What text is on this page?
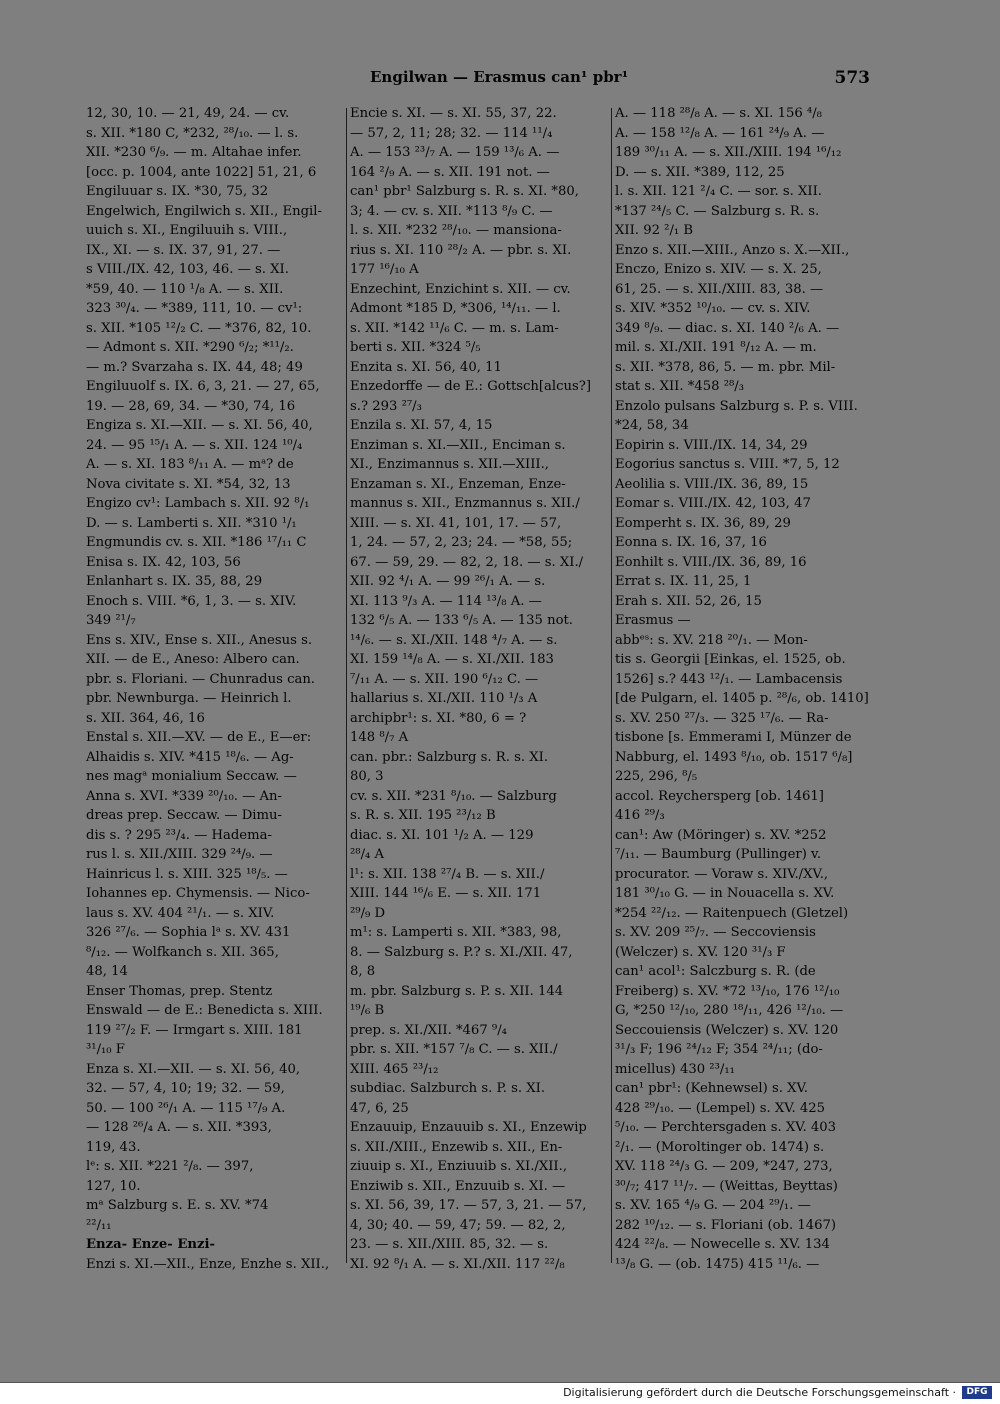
Engilwan — Erasmus can¹ pbr¹	573
12, 30, 10. — 21, 49, 24. — cv.
s. XII. *180 C, *232, ²⁸/₁₀. — l. s.
XII. *230 ⁶/₉. — m. Altahae infer.
[occ. p. 1004, ante 1022] 51, 21, 6
Engiluuar s. IX. *30, 75, 32
Engelwich, Engilwich s. XII., Engil-
uuich s. XI., Engiluuih s. VIII.,
IX., XI. — s. IX. 37, 91, 27. —
s VIII./IX. 42, 103, 46. — s. XI.
*59, 40. — 110 ¹/₈ A. — s. XII.
323 ³⁰/₄. — *389, 111, 10. — cv¹:
s. XII. *105 ¹²/₂ C. — *376, 82, 10.
— Admont s. XII. *290 ⁶/₂; *¹¹/₂.
— m.? Svarzaha s. IX. 44, 48; 49
Engiluuolf s. IX. 6, 3, 21. — 27, 65,
19. — 28, 69, 34. — *30, 74, 16
Engiza s. XI.—XII. — s. XI. 56, 40,
24. — 95 ¹⁵/₁ A. — s. XII. 124 ¹⁰/₄
A. — s. XI. 183 ⁸/₁₁ A. — mᵃ? de
Nova civitate s. XI. *54, 32, 13
Engizo cv¹: Lambach s. XII. 92 ⁸/₁
D. — s. Lamberti s. XII. *310 ¹/₁
Engmundis cv. s. XII. *186 ¹⁷/₁₁ C
Enisa s. IX. 42, 103, 56
Enlanhart s. IX. 35, 88, 29
Enoch s. VIII. *6, 1, 3. — s. XIV.
349 ²¹/₇
Ens s. XIV., Ense s. XII., Anesus s.
XII. — de E., Aneso: Albero can.
pbr. s. Floriani. — Chunradus can.
pbr. Newnburga. — Heinrich l.
s. XII. 364, 46, 16
Enstal s. XII.—XV. — de E., E—er:
Alhaidis s. XIV. *415 ¹⁸/₆. — Ag-
nes magᵃ monialium Seccaw. —
Anna s. XVI. *339 ²⁰/₁₀. — An-
dreas prep. Seccaw. — Dimu-
dis s. ? 295 ²³/₄. — Hadema-
rus l. s. XII./XIII. 329 ²⁴/₉. —
Hainricus l. s. XIII. 325 ¹⁸/₅. —
Iohannes ep. Chymensis. — Nico-
laus s. XV. 404 ²¹/₁. — s. XIV.
326 ²⁷/₆. — Sophia lᵃ s. XV. 431
⁸/₁₂. — Wolfkanch s. XII. 365,
48, 14
Enser Thomas, prep. Stentz
Enswald — de E.: Benedicta s. XIII.
119 ²⁷/₂ F. — Irmgart s. XIII. 181
³¹/₁₀ F
Enza s. XI.—XII. — s. XI. 56, 40,
32. — 57, 4, 10; 19; 32. — 59,
50. — 100 ²⁶/₁ A. — 115 ¹⁷/₉ A.
— 128 ²⁶/₄ A. — s. XII. *393,
119, 43.
lᵉ: s. XII. *221 ²/₈. — 397,
127, 10.
mᵃ Salzburg s. E. s. XV. *74
²²/₁₁
Enza- Enze- Enzi-
Enzi s. XI.—XII., Enze, Enzhe s. XII.,
Encie s. XI. — s. XI. 55, 37, 22.
— 57, 2, 11; 28; 32. — 114 ¹¹/₄
A. — 153 ²³/₇ A. — 159 ¹³/₆ A. —
164 ²/₉ A. — s. XII. 191 not. —
can¹ pbr¹ Salzburg s. R. s. XI. *80,
3; 4. — cv. s. XII. *113 ⁸/₉ C. —
l. s. XII. *232 ²⁸/₁₀. — mansiona-
rius s. XI. 110 ²⁸/₂ A. — pbr. s. XI.
177 ¹⁶/₁₀ A
Enzechint, Enzichint s. XII. — cv.
Admont *185 D, *306, ¹⁴/₁₁. — l.
s. XII. *142 ¹¹/₆ C. — m. s. Lam-
berti s. XII. *324 ⁵/₅
Enzita s. XI. 56, 40, 11
Enzedorffe — de E.: Gottsch[alcus?]
s.? 293 ²⁷/₃
Enzila s. XI. 57, 4, 15
Enziman s. XI.—XII., Enciman s.
XI., Enzimannus s. XII.—XIII.,
Enzaman s. XI., Enzeman, Enze-
mannus s. XII., Enzmannus s. XII./
XIII. — s. XI. 41, 101, 17. — 57,
1, 24. — 57, 2, 23; 24. — *58, 55;
67. — 59, 29. — 82, 2, 18. — s. XI./
XII. 92 ⁴/₁ A. — 99 ²⁶/₁ A. — s.
XI. 113 ⁹/₃ A. — 114 ¹³/₈ A. —
132 ⁶/₅ A. — 133 ⁶/₅ A. — 135 not.
¹⁴/₆. — s. XI./XII. 148 ⁴/₇ A. — s.
XI. 159 ¹⁴/₈ A. — s. XI./XII. 183
⁷/₁₁ A. — s. XII. 190 ⁶/₁₂ C. —
hallarius s. XI./XII. 110 ¹/₃ A
archipbr¹: s. XI. *80, 6 = ?
148 ⁸/₇ A
can. pbr.: Salzburg s. R. s. XI.
80, 3
cv. s. XII. *231 ⁸/₁₀. — Salzburg
s. R. s. XII. 195 ²³/₁₂ B
diac. s. XI. 101 ¹/₂ A. — 129
²⁸/₄ A
l¹: s. XII. 138 ²⁷/₄ B. — s. XII./
XIII. 144 ¹⁶/₆ E. — s. XII. 171
²⁹/₉ D
m¹: s. Lamperti s. XII. *383, 98,
8. — Salzburg s. P.? s. XI./XII. 47,
8, 8
m. pbr. Salzburg s. P. s. XII. 144
¹⁹/₆ B
prep. s. XI./XII. *467 ⁹/₄
pbr. s. XII. *157 ⁷/₈ C. — s. XII./
XIII. 465 ²³/₁₂
subdiac. Salzburch s. P. s. XI.
47, 6, 25
Enzauuip, Enzauuib s. XI., Enzewip
s. XII./XIII., Enzewib s. XII., En-
ziuuip s. XI., Enziuuib s. XI./XII.,
Enziwib s. XII., Enzuuib s. XI. —
s. XI. 56, 39, 17. — 57, 3, 21. — 57,
4, 30; 40. — 59, 47; 59. — 82, 2,
23. — s. XII./XIII. 85, 32. — s.
XI. 92 ⁸/₁ A. — s. XI./XII. 117 ²²/₈
A. — 118 ²⁸/₈ A. — s. XI. 156 ⁴/₈
A. — 158 ¹²/₈ A. — 161 ²⁴/₉ A. —
189 ³⁰/₁₁ A. — s. XII./XIII. 194 ¹⁶/₁₂
D. — s. XII. *389, 112, 25
l. s. XII. 121 ²/₄ C. — sor. s. XII.
*137 ²⁴/₅ C. — Salzburg s. R. s.
XII. 92 ²/₁ B
Enzo s. XII.—XIII., Anzo s. X.—XII.,
Enczo, Enizo s. XIV. — s. X. 25,
61, 25. — s. XII./XIII. 83, 38. —
s. XIV. *352 ¹⁰/₁₀. — cv. s. XIV.
349 ⁸/₉. — diac. s. XI. 140 ²/₆ A. —
mil. s. XI./XII. 191 ⁸/₁₂ A. — m.
s. XII. *378, 86, 5. — m. pbr. Mil-
stat s. XII. *458 ²⁸/₃
Enzolo pulsans Salzburg s. P. s. VIII.
*24, 58, 34
Eopirin s. VIII./IX. 14, 34, 29
Eogorius sanctus s. VIII. *7, 5, 12
Aeolilia s. VIII./IX. 36, 89, 15
Eomar s. VIII./IX. 42, 103, 47
Eomperht s. IX. 36, 89, 29
Eonna s. IX. 16, 37, 16
Eonhilt s. VIII./IX. 36, 89, 16
Errat s. IX. 11, 25, 1
Erah s. XII. 52, 26, 15
Erasmus —
abbᵉˢ: s. XV. 218 ²⁰/₁. — Mon-
tis s. Georgii [Einkas, el. 1525, ob.
1526] s.? 443 ¹²/₁. — Lambacensis
[de Pulgarn, el. 1405 p. ²⁸/₆, ob. 1410]
s. XV. 250 ²⁷/₃. — 325 ¹⁷/₆. — Ra-
tisbone [s. Emmerami I, Münzer de
Nabburg, el. 1493 ⁸/₁₀, ob. 1517 ⁶/₈]
225, 296, ⁸/₅
accol. Reychersperg [ob. 1461]
416 ²⁹/₃
can¹: Aw (Möringer) s. XV. *252
⁷/₁₁. — Baumburg (Pullinger) v.
procurator. — Voraw s. XIV./XV.,
181 ³⁰/₁₀ G. — in Nouacella s. XV.
*254 ²²/₁₂. — Raitenpuech (Gletzel)
s. XV. 209 ²⁵/₇. — Seccoviensis
(Welczer) s. XV. 120 ³¹/₃ F
can¹ acol¹: Salczburg s. R. (de
Freiberg) s. XV. *72 ¹³/₁₀, 176 ¹²/₁₀
G, *250 ¹²/₁₀, 280 ¹⁸/₁₁, 426 ¹²/₁₀. —
Seccouiensis (Welczer) s. XV. 120
³¹/₃ F; 196 ²⁴/₁₂ F; 354 ²⁴/₁₁; (do-
micellus) 430 ²³/₁₁
can¹ pbr¹: (Kehnewsel) s. XV.
428 ²⁹/₁₀. — (Lempel) s. XV. 425
⁵/₁₀. — Perchtersgaden s. XV. 403
²/₁. — (Moroltinger ob. 1474) s.
XV. 118 ²⁴/₃ G. — 209, *247, 273,
³⁰/₇; 417 ¹¹/₇. — (Weittas, Beyttas)
s. XV. 165 ⁴/₉ G. — 204 ²⁹/₁. —
282 ¹⁰/₁₂. — s. Floriani (ob. 1467)
424 ²²/₈. — Nowecelle s. XV. 134
¹³/₈ G. — (ob. 1475) 415 ¹¹/₆. —
Digitalisierung gefördert durch die Deutsche Forschungsgemeinschaft ·	DFG
